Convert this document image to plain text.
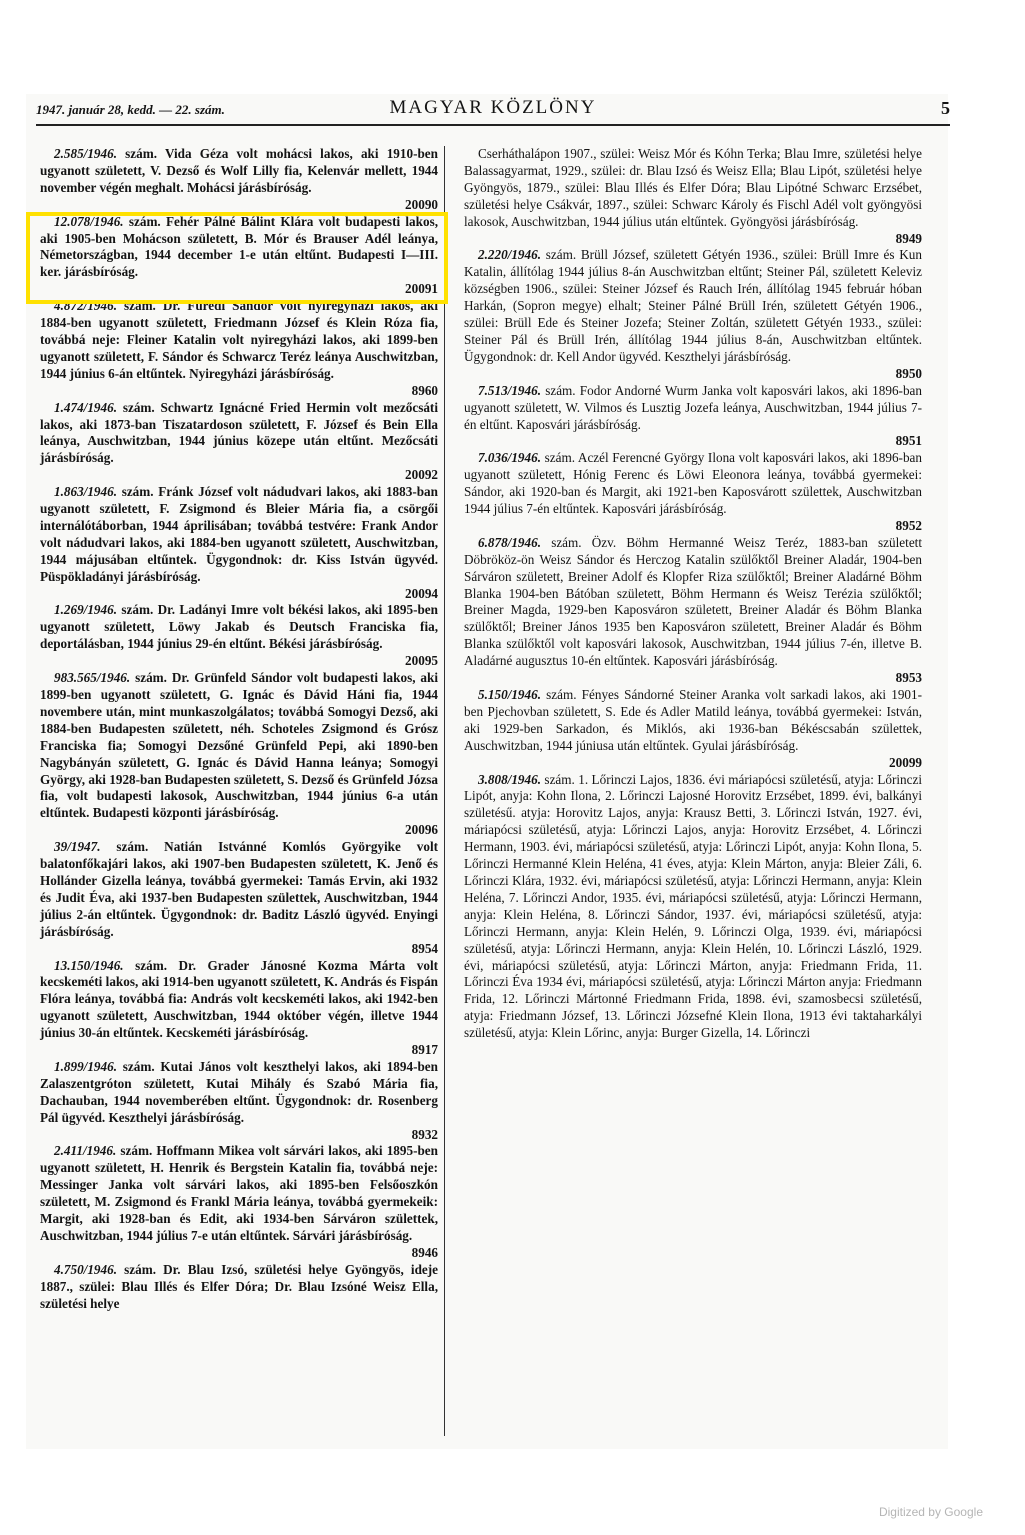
1947. január 28, kedd. — 22. szám.	MAGYAR KÖZLÖNY	5
2.585/1946. szám. Vida Géza volt mohácsi lakos, aki 1910-ben ugyanott született, V. Dezső és Wolf Lilly fia, Kelenvár mellett, 1944 november végén meghalt. Mohácsi járásbíróság.
20090
12.078/1946. szám. Fehér Pálné Bálint Klára volt budapesti lakos, aki 1905-ben Mohácson született, B. Mór és Brauser Adél leánya, Németországban, 1944 december 1-e után eltűnt. Budapesti I—III. ker. járásbíróság.
20091
4.872/1946. szám. Dr. Furedi Sándor volt nyiregyházi lakos, aki 1884-ben ugyanott született, Friedmann József és Klein Róza fia, továbbá neje: Fleiner Katalin volt nyiregyházi lakos, aki 1899-ben ugyanott született, F. Sándor és Schwarcz Teréz leánya Auschwitzban, 1944 június 6-án eltűntek. Nyiregyházi járásbíróság.
8960
1.474/1946. szám. Schwartz Ignácné Fried Hermin volt mezőcsáti lakos, aki 1873-ban Tiszatardoson született, F. József és Bein Ella leánya, Auschwitzban, 1944 június közepe után eltűnt. Mezőcsáti járásbíróság.
20092
1.863/1946. szám. Fránk József volt nádudvari lakos, aki 1883-ban ugyanott született, F. Zsigmond és Bleier Mária fia, a csörgői internálótáborban, 1944 áprilisában; továbbá testvére: Frank Andor volt nádudvari lakos, aki 1884-ben ugyanott született, Auschwitzban, 1944 májusában eltűntek. Ügygondnok: dr. Kiss István ügyvéd. Püspökladányi járásbíróság.
20094
1.269/1946. szám. Dr. Ladányi Imre volt békési lakos, aki 1895-ben ugyanott született, Löwy Jakab és Deutsch Franciska fia, deportálásban, 1944 június 29-én eltűnt. Békési járásbíróság.
20095
983.565/1946. szám. Dr. Grünfeld Sándor volt budapesti lakos, aki 1899-ben ugyanott született, G. Ignác és Dávid Háni fia, 1944 novembere után, mint munkaszolgálatos; továbbá Somogyi Dezső, aki 1884-ben Budapesten született, néh. Schoteles Zsigmond és Grósz Franciska fia; Somogyi Dezsőné Grünfeld Pepi, aki 1890-ben Nagybányán született, G. Ignác és Dávid Hanna leánya; Somogyi György, aki 1928-ban Budapesten született, S. Dezső és Grünfeld Józsa fia, volt budapesti lakosok, Auschwitzban, 1944 június 6-a után eltűntek. Budapesti központi járásbíróság.
20096
39/1947. szám. Natián Istvánné Komlós Györgyike volt balatonfőkajári lakos, aki 1907-ben Budapesten született, K. Jenő és Hollánder Gizella leánya, továbbá gyermekei: Tamás Ervin, aki 1932 és Judit Éva, aki 1937-ben Budapesten születtek, Auschwitzban, 1944 július 2-án eltűntek. Ügygondnok: dr. Baditz László ügyvéd. Enyingi járásbíróság.
8954
13.150/1946. szám. Dr. Grader Jánosné Kozma Márta volt kecskeméti lakos, aki 1914-ben ugyanott született, K. András és Fispán Flóra leánya, továbbá fia: András volt kecskeméti lakos, aki 1942-ben ugyanott született, Auschwitzban, 1944 október végén, illetve 1944 június 30-án eltűntek. Kecskeméti járásbíróság.
8917
1.899/1946. szám. Kutai János volt keszthelyi lakos, aki 1894-ben Zalaszentgróton született, Kutai Mihály és Szabó Mária fia, Dachauban, 1944 novemberében eltűnt. Ügygondnok: dr. Rosenberg Pál ügyvéd. Keszthelyi járásbíróság.
8932
2.411/1946. szám. Hoffmann Mikea volt sárvári lakos, aki 1895-ben ugyanott született, H. Henrik és Bergstein Katalin fia, továbbá neje: Messinger Janka volt sárvári lakos, aki 1895-ben Felsőoszkón született, M. Zsigmond és Frankl Mária leánya, továbbá gyermekeik: Margit, aki 1928-ban és Edit, aki 1934-ben Sárváron születtek, Auschwitzban, 1944 július 7-e után eltűntek. Sárvári járásbíróság.
8946
4.750/1946. szám. Dr. Blau Izsó, születési helye Gyöngyös, ideje 1887., szülei: Blau Illés és Elfer Dóra; Dr. Blau Izsóné Weisz Ella, születési helye
Cserháthalápon 1907., szülei: Weisz Mór és Kóhn Terka; Blau Imre, születési helye Balassagyarmat, 1929., szülei: dr. Blau Izsó és Weisz Ella; Blau Lipót, születési helye Gyöngyös, 1879., szülei: Blau Illés és Elfer Dóra; Blau Lipótné Schwarc Erzsébet, születési helye Csákvár, 1897., szülei: Schwarc Károly és Fischl Adél volt gyöngyösi lakosok, Auschwitzban, 1944 július után eltűntek. Gyöngyösi járásbíróság.
8949
2.220/1946. szám. Brüll József, született Gétyén 1936., szülei: Brüll Imre és Kun Katalin, állítólag 1944 július 8-án Auschwitzban eltűnt; Steiner Pál, született Keleviz községben 1906., szülei: Steiner József és Rauch Irén, állítólag 1945 február hóban Harkán, (Sopron megye) elhalt; Steiner Pálné Brüll Irén, született Gétyén 1906., szülei: Brüll Ede és Steiner Jozefa; Steiner Zoltán, született Gétyén 1933., szülei: Steiner Pál és Brüll Irén, állítólag 1944 július 8-án, Auschwitzban eltűntek. Ügygondnok: dr. Kell Andor ügyvéd. Keszthelyi járásbíróság.
8950
7.513/1946. szám. Fodor Andorné Wurm Janka volt kaposvári lakos, aki 1896-ban ugyanott született, W. Vilmos és Lusztig Jozefa leánya, Auschwitzban, 1944 július 7-én eltűnt. Kaposvári járásbíróság.
8951
7.036/1946. szám. Aczél Ferencné György Ilona volt kaposvári lakos, aki 1896-ban ugyanott született, Hónig Ferenc és Löwi Eleonora leánya, továbbá gyermekei: Sándor, aki 1920-ban és Margit, aki 1921-ben Kaposvárott születtek, Auschwitzban 1944 július 7-én eltűntek. Kaposvári járásbíróság.
8952
6.878/1946. szám. Özv. Böhm Hermanné Weisz Teréz, 1883-ban született Döbrököz-ön Weisz Sándor és Herczog Katalin szülőktől Breiner Aladár, 1904-ben Sárváron született, Breiner Adolf és Klopfer Riza szülőktől; Breiner Aladárné Böhm Blanka 1904-ben Bátóban született, Böhm Hermann és Weisz Terézia szülőktől; Breiner Magda, 1929-ben Kaposváron született, Breiner Aladár és Böhm Blanka szülőktől; Breiner János 1935 ben Kaposváron született, Breiner Aladár és Böhm Blanka szülőktől volt kaposvári lakosok, Auschwitzban, 1944 július 7-én, illetve B. Aladárné augusztus 10-én eltűntek. Kaposvári járásbíróság.
8953
5.150/1946. szám. Fényes Sándorné Steiner Aranka volt sarkadi lakos, aki 1901-ben Pjechovban született, S. Ede és Adler Matild leánya, továbbá gyermekei: István, aki 1929-ben Sarkadon, és Miklós, aki 1936-ban Békéscsabán születtek, Auschwitzban, 1944 júniusa után eltűntek. Gyulai járásbíróság.
20099
3.808/1946. szám. 1. Lőrinczi Lajos, 1836. évi máriapócsi születésű, atyja: Lőrinczi Lipót, anyja: Kohn Ilona, 2. Lőrinczi Lajosné Horovitz Erzsébet, 1899. évi, balkányi születésű. atyja: Horovitz Lajos, anyja: Krausz Betti, 3. Lőrinczi István, 1927. évi, máriapócsi születésű, atyja: Lőrinczi Lajos, anyja: Horovitz Erzsébet, 4. Lőrinczi Hermann, 1903. évi, máriapócsi születésű, atyja: Lőrinczi Lipót, anyja: Kohn Ilona, 5. Lőrinczi Hermanné Klein Heléna, 41 éves, atyja: Klein Márton, anyja: Bleier Záli, 6. Lőrinczi Klára, 1932. évi, máriapócsi születésű, atyja: Lőrinczi Hermann, anyja: Klein Heléna, 7. Lőrinczi Andor, 1935. évi, máriapócsi születésű, atyja: Lőrinczi Hermann, anyja: Klein Heléna, 8. Lőrinczi Sándor, 1937. évi, máriapócsi születésű, atyja: Lőrinczi Hermann, anyja: Klein Helén, 9. Lőrinczi Olga, 1939. évi, máriapócsi születésű, atyja: Lőrinczi Hermann, anyja: Klein Helén, 10. Lőrinczi László, 1929. évi, máriapócsi születésű, atyja: Lőrinczi Márton, anyja: Friedmann Frida, 11. Lőrinczi Éva 1934 évi, máriapócsi születésű, atyja: Lőrinczi Márton anyja: Friedmann Frida, 12. Lőrinczi Mártonné Friedmann Frida, 1898. évi, szamosbecsi születésű, atyja: Friedmann József, 13. Lőrinczi Józsefné Klein Ilona, 1913 évi taktaharkályi születésű, atyja: Klein Lőrinc, anyja: Burger Gizella, 14. Lőrinczi
Digitized by Google
